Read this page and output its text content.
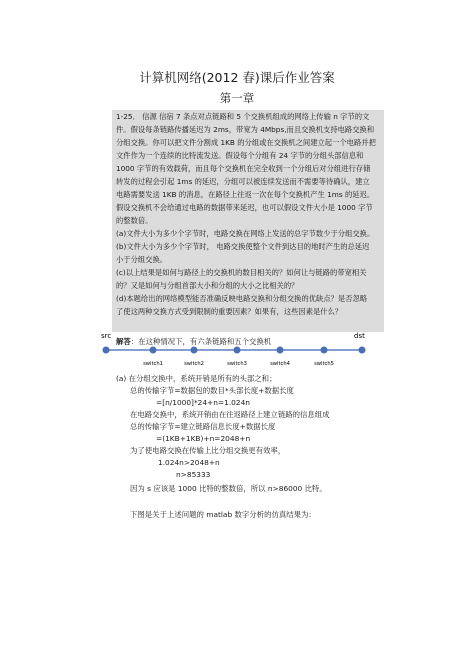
计算机网络(2012 春)课后作业答案
第一章
1-25． 信源 信宿 7 条点对点链路和 5 个交换机组成的网络上传输 n 字节的文
件。假设每条链路传播延迟为 2ms，带宽为 4Mbps,而且交换机支持电路交换和
分组交换。你可以把文件分割成 1KB 的分组或在交换机之间建立起一个电路并把
文件作为一个连续的比特流发送。假设每个分组有 24 字节的分组头部信息和
1000 字节的有效载荷，而且每个交换机在完全收到一个分组后对分组进行存储
转发的过程会引起 1ms 的延迟，分组可以被连续发送而不需要等待确认，建立
电路需要发送 1KB 的消息，在路径上往返一次在每个交换机产生 1ms 的延迟。
假设交换机不会给通过电路的数据带来延迟，也可以假设文件大小是 1000 字节
的整数倍。
(a)文件大小为多少个字节时，电路交换在网络上发送的总字节数少于分组交换。
(b)文件大小为多少个字节时， 电路交换使整个文件到达目的地时产生的总延迟
小于分组交换。
(c)以上结果是如何与路径上的交换机的数目相关的？如何让与链路的带宽相关
的？又是如何与分组首部大小和分组的大小之比相关的？
(d)本题给出的网络模型能否准确反映电路交换和分组交换的优缺点？是否忽略
了使这两种交换方式受到限制的重要因素？如果有，这些因素是什么？
解答：在这种情况下，有六条链路和五个交换机
src	dst
switch1	switch2	switch3	switch4	switch5
(a) 在分组交换中，系统开销是所有的头部之和；
总的传输字节=数据包的数目*头部长度+数据长度
=[n/1000]*24+n=1.024n
在电路交换中，系统开销由在往返路径上建立链路的信息组成
总的传输字节=建立链路信息长度+数据长度
=(1KB+1KB)+n=2048+n
为了使电路交换在传输上比分组交换更有效率，
1.024n>2048+n
n>85333
因为 s 应该是 1000 比特的整数倍，所以 n>86000 比特。
下图是关于上述问题的 matlab 数字分析的仿真结果为：
